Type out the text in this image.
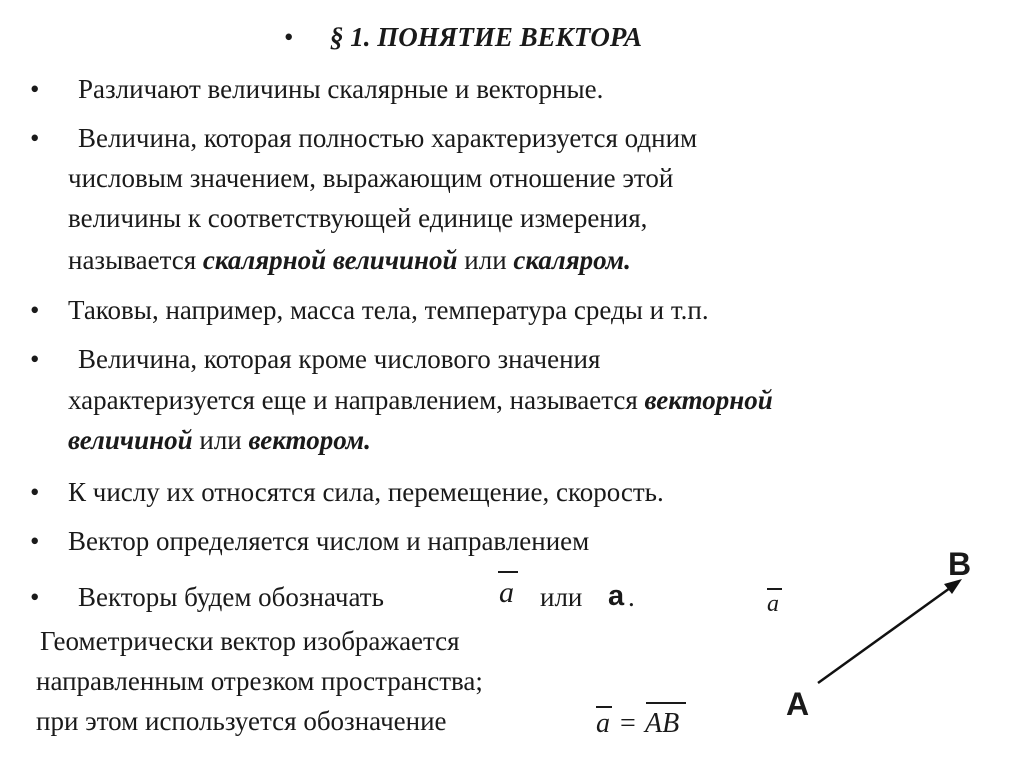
• § 1. ПОНЯТИЕ ВЕКТОРА
• Различают величины скалярные и векторные.
• Величина, которая полностью характеризуется одним
числовым значением, выражающим отношение этой
величины к соответствующей единице измерения,
называется скалярной величиной или скаляром.
• Таковы, например, масса тела, температура среды и т.п.
• Величина, которая кроме числового значения
характеризуется еще и направлением, называется векторной
величиной или вектором.
• К числу их относятся сила, перемещение, скорость.
• Вектор определяется числом и направлением
• Векторы будем обозначать	a или a .
Геометрически вектор изображается
направленным отрезком пространства;
при этом используется обозначение	a = AB
a
B
A
